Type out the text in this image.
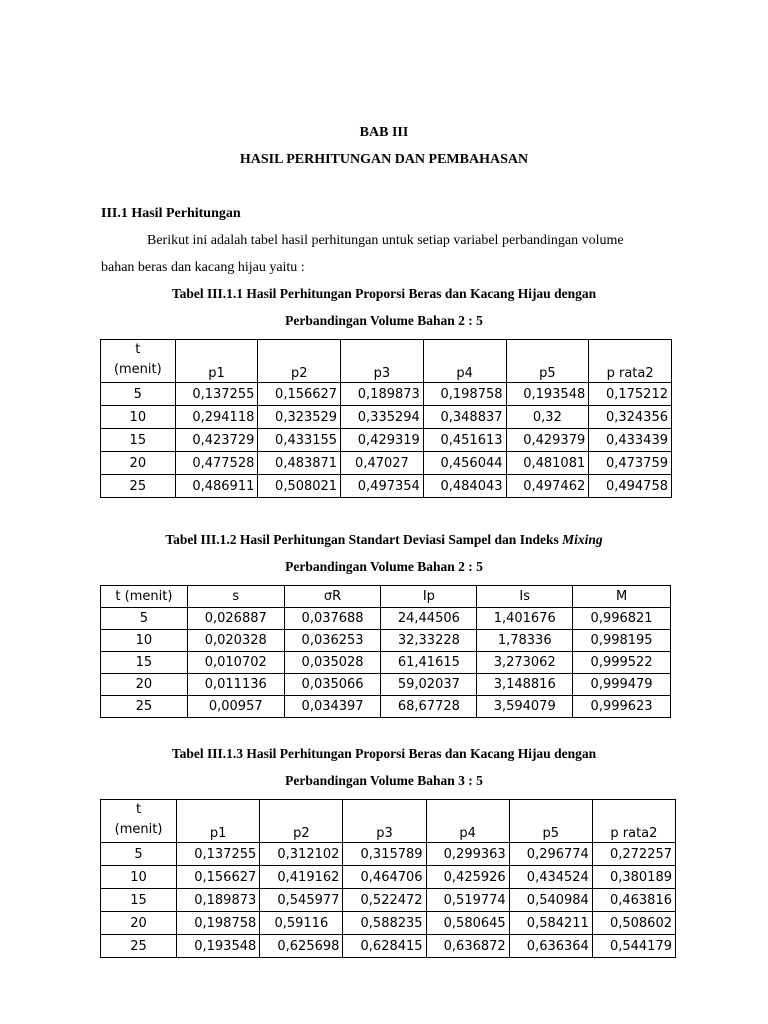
BAB III
HASIL PERHITUNGAN DAN PEMBAHASAN
III.1 Hasil Perhitungan
Berikut ini adalah tabel hasil perhitungan untuk setiap variabel perbandingan volume
bahan beras dan kacang hijau yaitu :
Tabel III.1.1 Hasil Perhitungan Proporsi Beras dan Kacang Hijau dengan
Perbandingan Volume Bahan 2 : 5
t
(menit)	p1	p2	p3	p4	p5	p rata2
5	0,137255	0,156627	0,189873	0,198758	0,193548	0,175212
10	0,294118	0,323529	0,335294	0,348837	0,32	0,324356
15	0,423729	0,433155	0,429319	0,451613	0,429379	0,433439
20	0,477528	0,483871	0,47027	0,456044	0,481081	0,473759
25	0,486911	0,508021	0,497354	0,484043	0,497462	0,494758
Tabel III.1.2 Hasil Perhitungan Standart Deviasi Sampel dan Indeks Mixing
Perbandingan Volume Bahan 2 : 5
t (menit)	s	σR	Ip	Is	M
5	0,026887	0,037688	24,44506	1,401676	0,996821
10	0,020328	0,036253	32,33228	1,78336	0,998195
15	0,010702	0,035028	61,41615	3,273062	0,999522
20	0,011136	0,035066	59,02037	3,148816	0,999479
25	0,00957	0,034397	68,67728	3,594079	0,999623
Tabel III.1.3 Hasil Perhitungan Proporsi Beras dan Kacang Hijau dengan
Perbandingan Volume Bahan 3 : 5
t
(menit)	p1	p2	p3	p4	p5	p rata2
5	0,137255	0,312102	0,315789	0,299363	0,296774	0,272257
10	0,156627	0,419162	0,464706	0,425926	0,434524	0,380189
15	0,189873	0,545977	0,522472	0,519774	0,540984	0,463816
20	0,198758	0,59116	0,588235	0,580645	0,584211	0,508602
25	0,193548	0,625698	0,628415	0,636872	0,636364	0,544179
